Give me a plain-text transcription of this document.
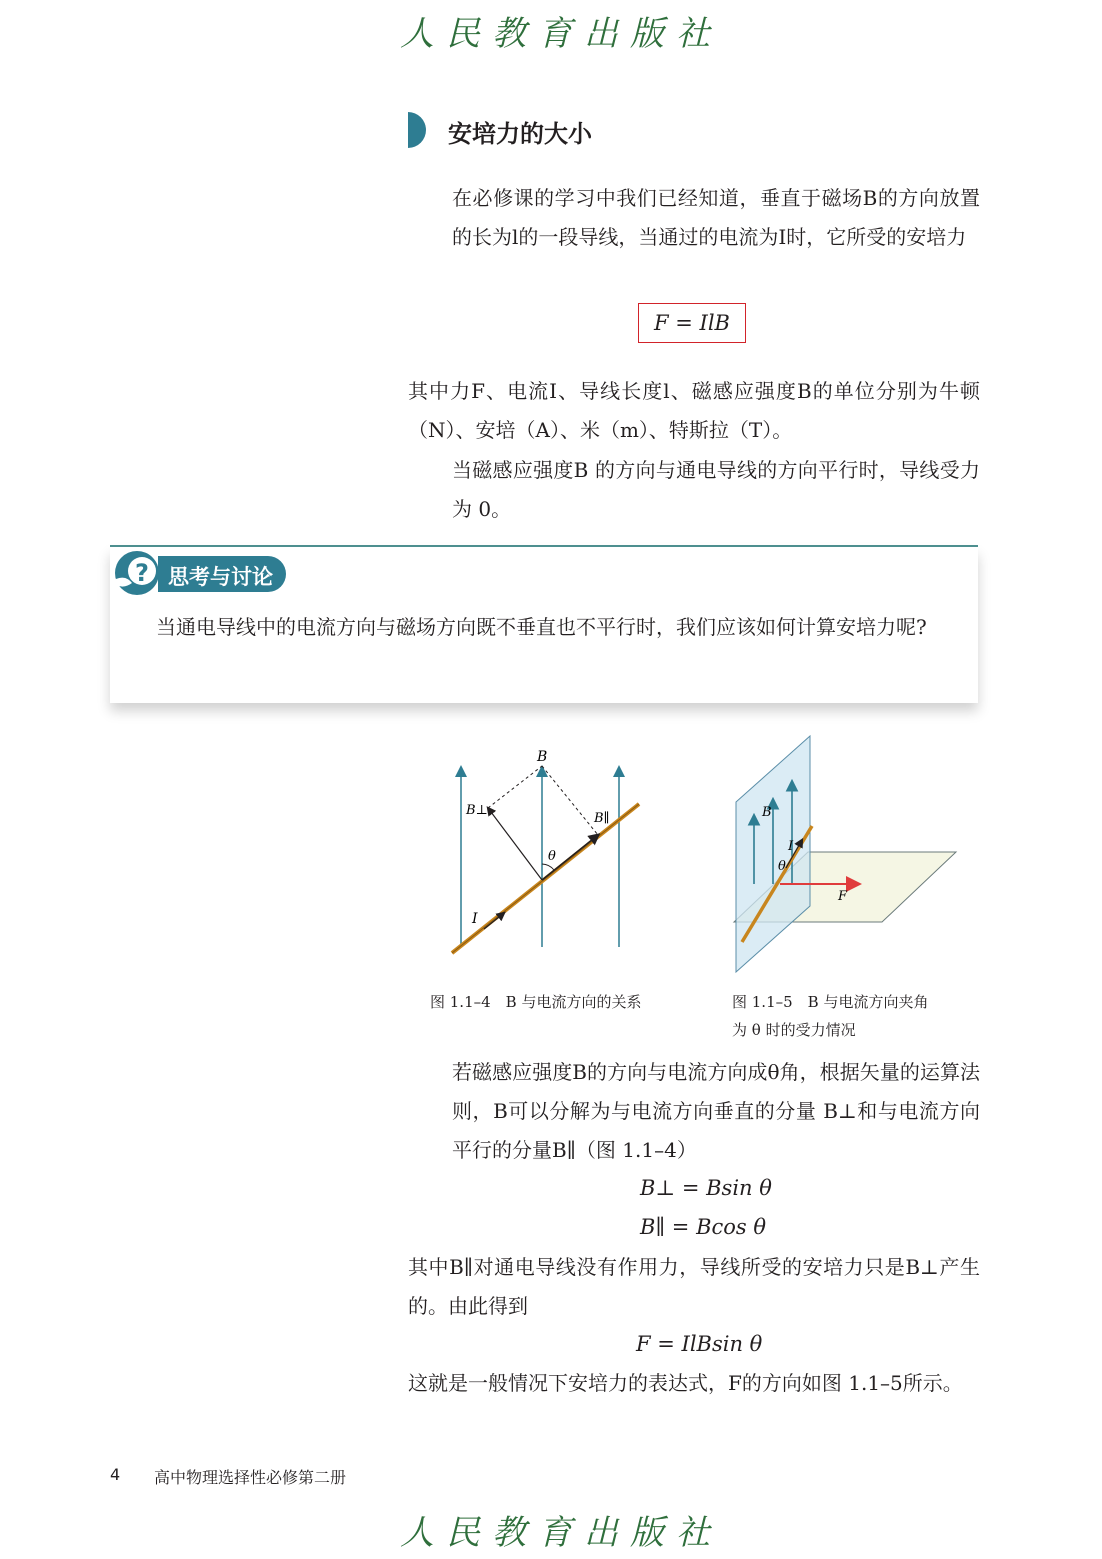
人民教育出版社
安培力的大小
在必修课的学习中我们已经知道，垂直于磁场B的方向放置的长为l的一段导线，当通过的电流为I时，它所受的安培力
F = IlB
其中力F、电流I、导线长度l、磁感应强度B的单位分别为牛顿（N）、安培（A）、米（m）、特斯拉（T）。
当磁感应强度B 的方向与通电导线的方向平行时，导线受力为 0。
? 思考与讨论
当通电导线中的电流方向与磁场方向既不垂直也不平行时，我们应该如何计算安培力呢?
B
B⊥
B∥
θ
I
图 1.1–4　B 与电流方向的关系
B
I
θ
F
图 1.1–5　B 与电流方向夹角
为 θ 时的受力情况
若磁感应强度B的方向与电流方向成θ角，根据矢量的运算法则，B可以分解为与电流方向垂直的分量 B⊥和与电流方向平行的分量B∥（图 1.1–4）
B⊥ = Bsin θ
B∥ = Bcos θ
其中B∥对通电导线没有作用力，导线所受的安培力只是B⊥产生的。由此得到
F = IlBsin θ
这就是一般情况下安培力的表达式，F的方向如图 1.1–5所示。
4 高中物理选择性必修第二册
人民教育出版社
